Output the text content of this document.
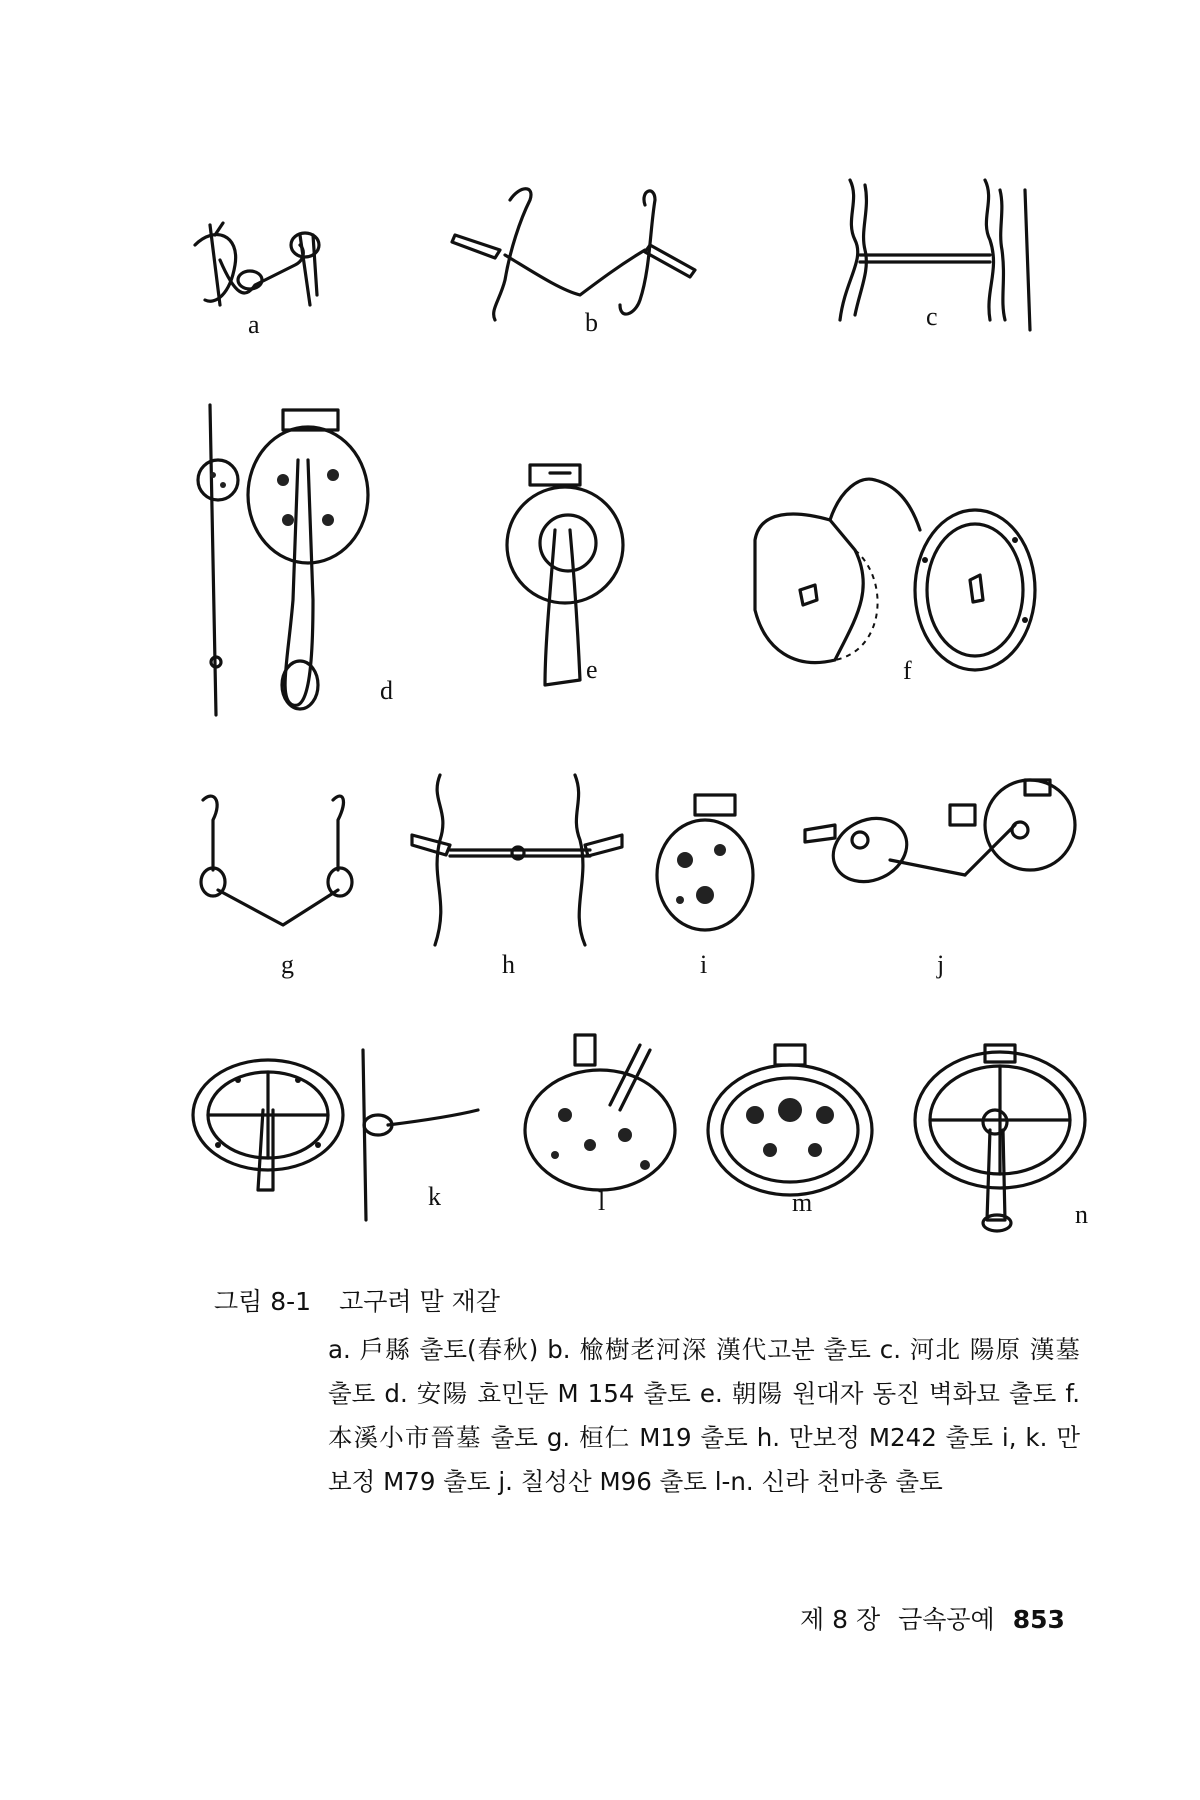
a	b	c
d
e	f
g	h	i	j
k	l	m	n
그림 8-1 고구려 말 재갈
a. 戶縣 출토(春秋) b. 楡樹老河深 漢代고분 출토 c. 河北 陽原 漢墓 출토 d. 安陽 효민둔 M 154 출토 e. 朝陽 원대자 동진 벽화묘 출토 f. 本溪小市晉墓 출토 g. 桓仁 M19 출토 h. 만보정 M242 출토 i, k. 만보정 M79 출토 j. 칠성산 M96 출토 l-n. 신라 천마총 출토
제 8 장 금속공예 853
